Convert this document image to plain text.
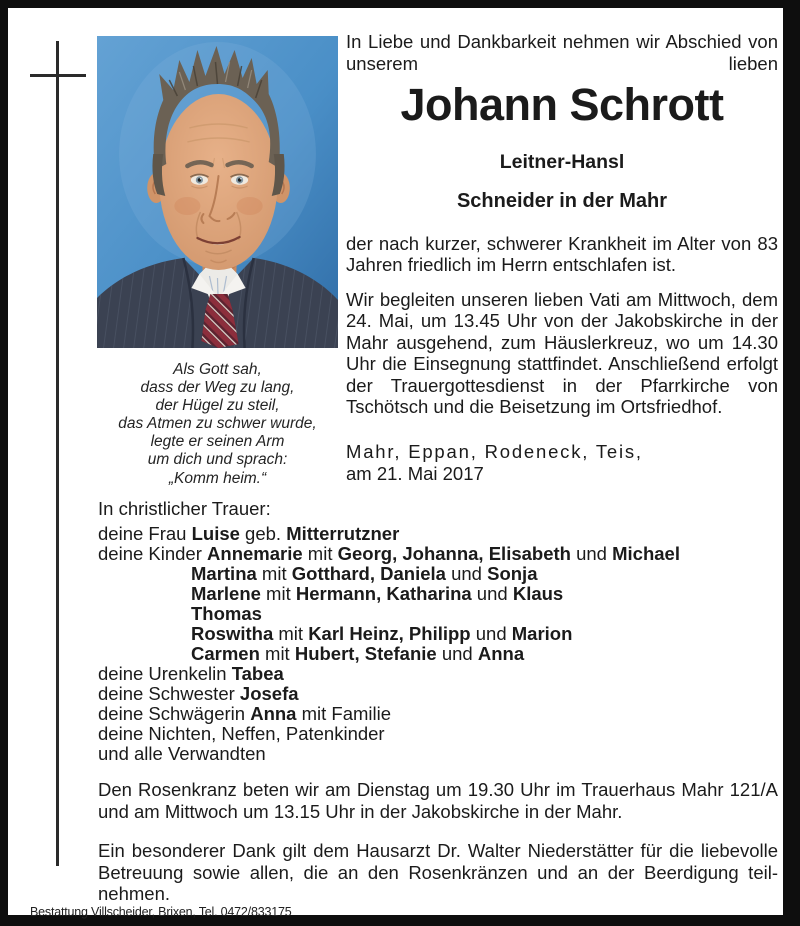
In Liebe und Dankbarkeit nehmen wir Abschied von unserem lieben
Johann Schrott
Leitner-Hansl
Schneider in der Mahr
der nach kurzer, schwerer Krankheit im Alter von 83 Jahren friedlich im Herrn entschlafen ist.
Wir begleiten unseren lieben Vati am Mittwoch, dem 24. Mai, um 13.45 Uhr von der Jakobskirche in der Mahr ausgehend, zum Häuslerkreuz, wo um 14.30 Uhr die Einsegnung stattfindet. Anschließend erfolgt der Trauergottesdienst in der Pfarrkirche von Tschötsch und die Beisetzung im Ortsfriedhof.
Mahr, Eppan, Rodeneck, Teis,
am 21. Mai 2017
Als Gott sah,
dass der Weg zu lang,
der Hügel zu steil,
das Atmen zu schwer wurde,
legte er seinen Arm
um dich und sprach:
„Komm heim.“
In christlicher Trauer:
deine Frau Luise geb. Mitterrutzner
deine Kinder Annemarie mit Georg, Johanna, Elisabeth und Michael
Martina mit Gotthard, Daniela und Sonja
Marlene mit Hermann, Katharina und Klaus
Thomas
Roswitha mit Karl Heinz, Philipp und Marion
Carmen mit Hubert, Stefanie und Anna
deine Urenkelin Tabea
deine Schwester Josefa
deine Schwägerin Anna mit Familie
deine Nichten, Neffen, Patenkinder
und alle Verwandten
Den Rosenkranz beten wir am Dienstag um 19.30 Uhr im Trauerhaus Mahr 121/A und am Mittwoch um 13.15 Uhr in der Jakobskirche in der Mahr.
Ein besonderer Dank gilt dem Hausarzt Dr. Walter Niederstätter für die liebevolle Betreuung sowie allen, die an den Rosenkränzen und an der Beerdigung teilnehmen.
Bestattung Villscheider, Brixen, Tel. 0472/833175
